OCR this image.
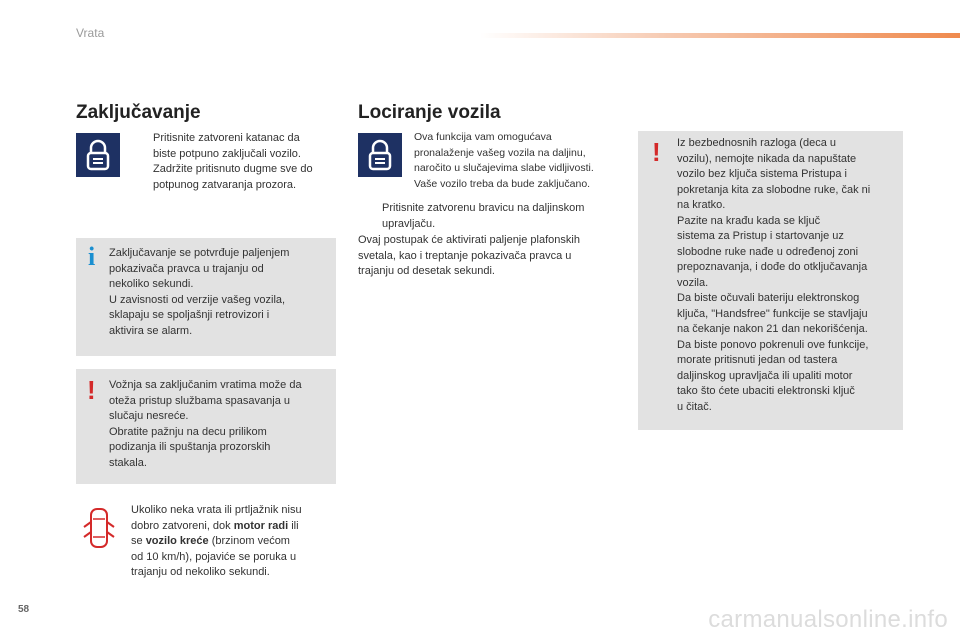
Vrata
Zaključavanje

Pritisnite zatvoreni katanac da
biste potpuno zaključali vozilo.
Zadržite pritisnuto dugme sve do
potpunog zatvaranja prozora.

i Zaključavanje se potvrđuje paljenjem
pokazivača pravca u trajanju od
nekoliko sekundi.
U zavisnosti od verzije vašeg vozila,
sklapaju se spoljašnji retrovizori i
aktivira se alarm.

! Vožnja sa zaključanim vratima može da
oteža pristup službama spasavanja u
slučaju nesreće.
Obratite pažnju na decu prilikom
podizanja ili spuštanja prozorskih
stakala.

Ukoliko neka vrata ili prtljažnik nisu
dobro zatvoreni, dok motor radi ili
se vozilo kreće (brzinom većom
od 10 km/h), pojaviće se poruka u
trajanju od nekoliko sekundi.

Lociranje vozila

Ova funkcija vam omogućava
pronalaženje vašeg vozila na daljinu,
naročito u slučajevima slabe vidljivosti.
Vaše vozilo treba da bude zaključano.

Pritisnite zatvorenu bravicu na daljinskom
upravljaču.

Ovaj postupak će aktivirati paljenje plafonskih
svetala, kao i treptanje pokazivača pravca u
trajanju od desetak sekundi.

! Iz bezbednosnih razloga (deca u
vozilu), nemojte nikada da napuštate
vozilo bez ključa sistema Pristupa i
pokretanja kita za slobodne ruke, čak ni
na kratko.
Pazite na krađu kada se ključ
sistema za Pristup i startovanje uz
slobodne ruke nađe u određenoj zoni
prepoznavanja, i dođe do otključavanja
vozila.
Da biste očuvali bateriju elektronskog
ključa, "Handsfree" funkcije se stavljaju
na čekanje nakon 21 dan nekorišćenja.
Da biste ponovo pokrenuli ove funkcije,
morate pritisnuti jedan od tastera
daljinskog upravljača ili upaliti motor
tako što ćete ubaciti elektronski ključ
u čitač.

58	carmanualsonline.info
